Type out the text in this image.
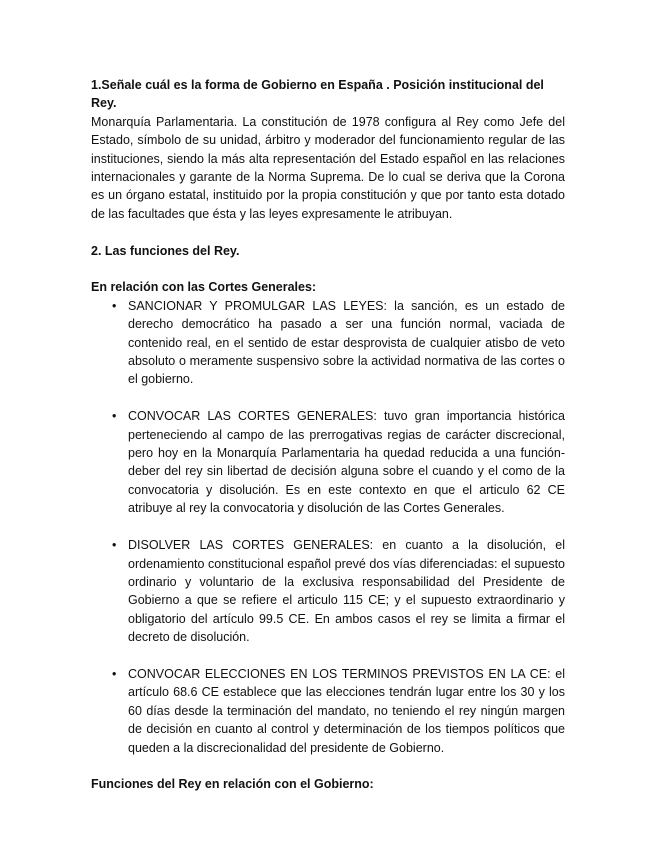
1.Señale cuál es la forma de Gobierno en España . Posición institucional del Rey.

Monarquía Parlamentaria. La constitución de 1978 configura al Rey como Jefe del Estado, símbolo de su unidad, árbitro y moderador del funcionamiento regular de las instituciones, siendo la más alta representación del Estado español en las relaciones internacionales y garante de la Norma Suprema. De lo cual se deriva que la Corona es un órgano estatal, instituido por la propia constitución y que por tanto esta dotado de las facultades que ésta y las leyes expresamente le atribuyan.

2. Las funciones del Rey.

En relación con las Cortes Generales:

• SANCIONAR Y PROMULGAR LAS LEYES: la sanción, es un estado de derecho democrático ha pasado a ser una función normal, vaciada de contenido real, en el sentido de estar desprovista de cualquier atisbo de veto absoluto o meramente suspensivo sobre la actividad normativa de las cortes o el gobierno.
• CONVOCAR LAS CORTES GENERALES: tuvo gran importancia histórica perteneciendo al campo de las prerrogativas regias de carácter discrecional, pero hoy en la Monarquía Parlamentaria ha quedad reducida a una función-deber del rey sin libertad de decisión alguna sobre el cuando y el como de la convocatoria y disolución. Es en este contexto en que el articulo 62 CE atribuye al rey la convocatoria y disolución de las Cortes Generales.
• DISOLVER LAS CORTES GENERALES: en cuanto a la disolución, el ordenamiento constitucional español prevé dos vías diferenciadas: el supuesto ordinario y voluntario de la exclusiva responsabilidad del Presidente de Gobierno a que se refiere el articulo 115 CE; y el supuesto extraordinario y obligatorio del artículo 99.5 CE. En ambos casos el rey se limita a firmar el decreto de disolución.
• CONVOCAR ELECCIONES EN LOS TERMINOS PREVISTOS EN LA CE: el artículo 68.6 CE establece que las elecciones tendrán lugar entre los 30 y los 60 días desde la terminación del mandato, no teniendo el rey ningún margen de decisión en cuanto al control y determinación de los tiempos políticos que queden a la discrecionalidad del presidente de Gobierno.

Funciones del Rey en relación con el Gobierno:
